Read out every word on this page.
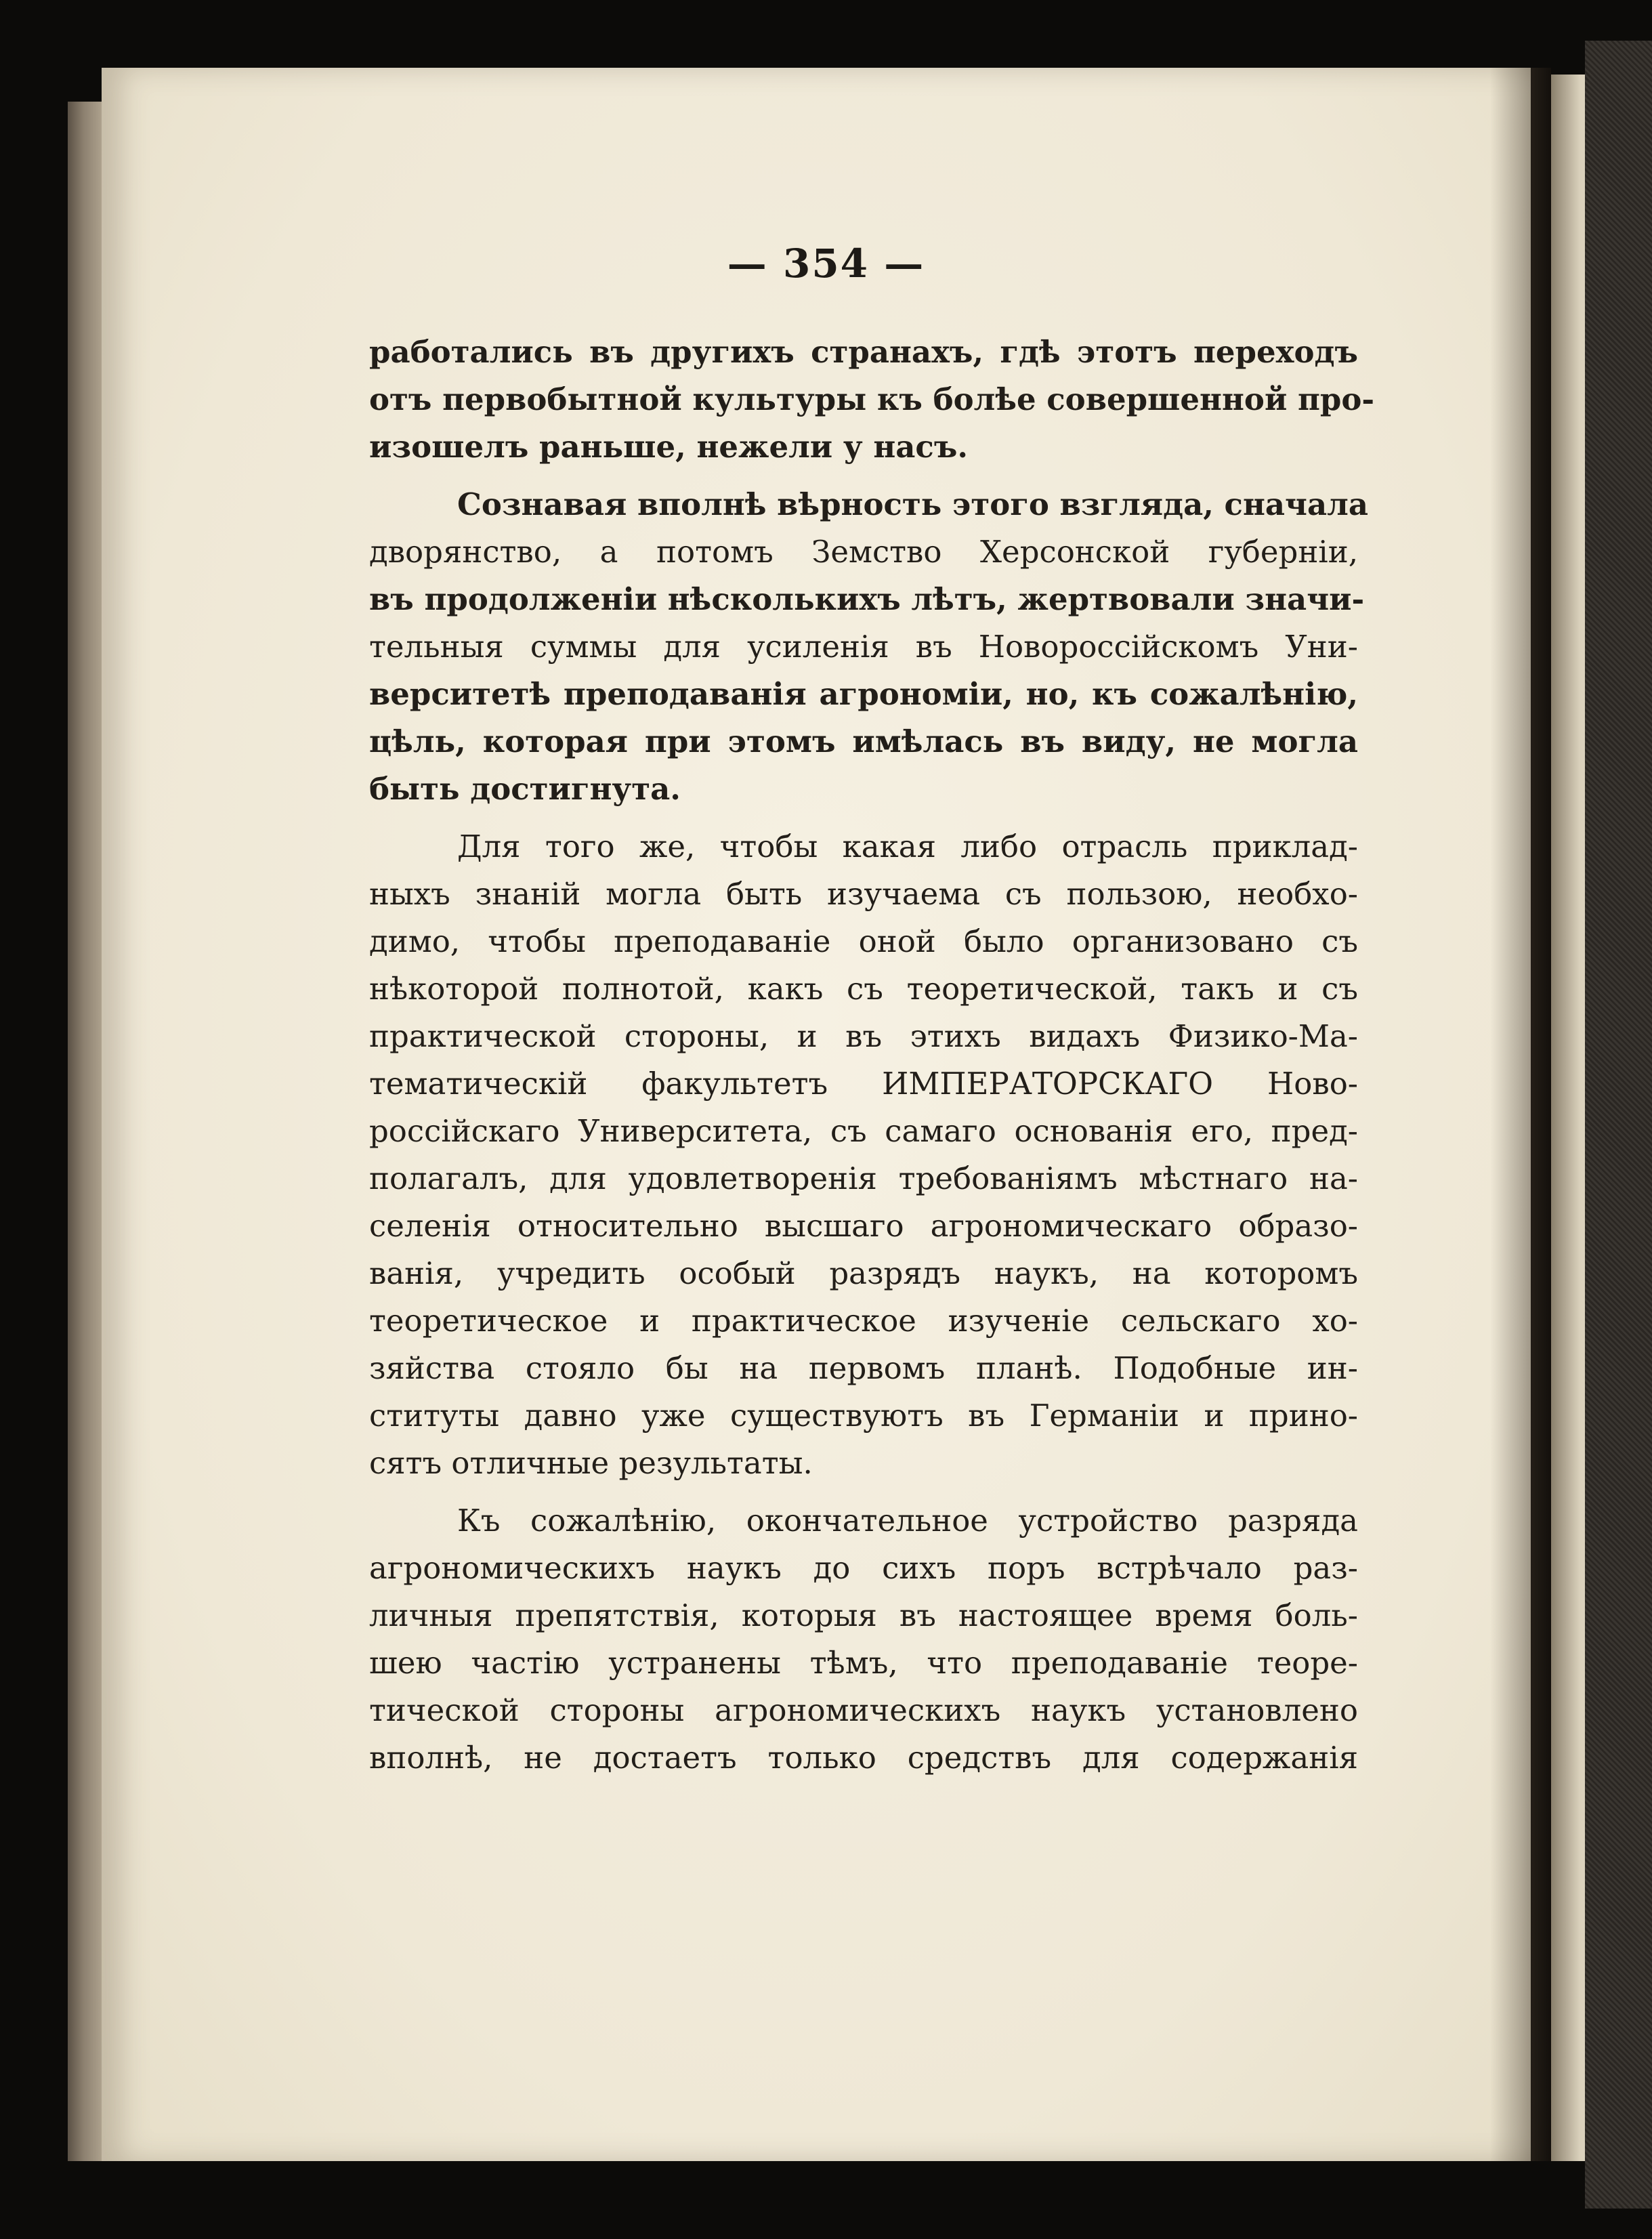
— 354 —
работались въ другихъ странахъ, гдѣ этотъ переходъ
отъ первобытной культуры къ болѣе совершенной про-
изошелъ раньше, нежели у насъ.
Сознавая вполнѣ вѣрность этого взгляда, сначала
дворянство, а потомъ Земство Херсонской губерніи,
въ продолженіи нѣсколькихъ лѣтъ, жертвовали значи-
тельныя суммы для усиленія въ Новороссійскомъ Уни-
верситетѣ преподаванія агрономіи, но, къ сожалѣнію,
цѣль, которая при этомъ имѣлась въ виду, не могла
быть достигнута.
Для того же, чтобы какая либо отрасль приклад-
ныхъ знаній могла быть изучаема съ пользою, необхо-
димо, чтобы преподаваніе оной было организовано съ
нѣкоторой полнотой, какъ съ теоретической, такъ и съ
практической стороны, и въ этихъ видахъ Физико-Ма-
тематическій факультетъ ИМПЕРАТОРСКАГО Ново-
россійскаго Университета, съ самаго основанія его, пред-
полагалъ, для удовлетворенія требованіямъ мѣстнаго на-
селенія относительно высшаго агрономическаго образо-
ванія, учредить особый разрядъ наукъ, на которомъ
теоретическое и практическое изученіе сельскаго хо-
зяйства стояло бы на первомъ планѣ. Подобные ин-
ституты давно уже существуютъ въ Германіи и прино-
сятъ отличные результаты.
Къ сожалѣнію, окончательное устройство разряда
агрономическихъ наукъ до сихъ поръ встрѣчало раз-
личныя препятствія, которыя въ настоящее время боль-
шею частію устранены тѣмъ, что преподаваніе теоре-
тической стороны агрономическихъ наукъ установлено
вполнѣ, не достаетъ только средствъ для содержанія
